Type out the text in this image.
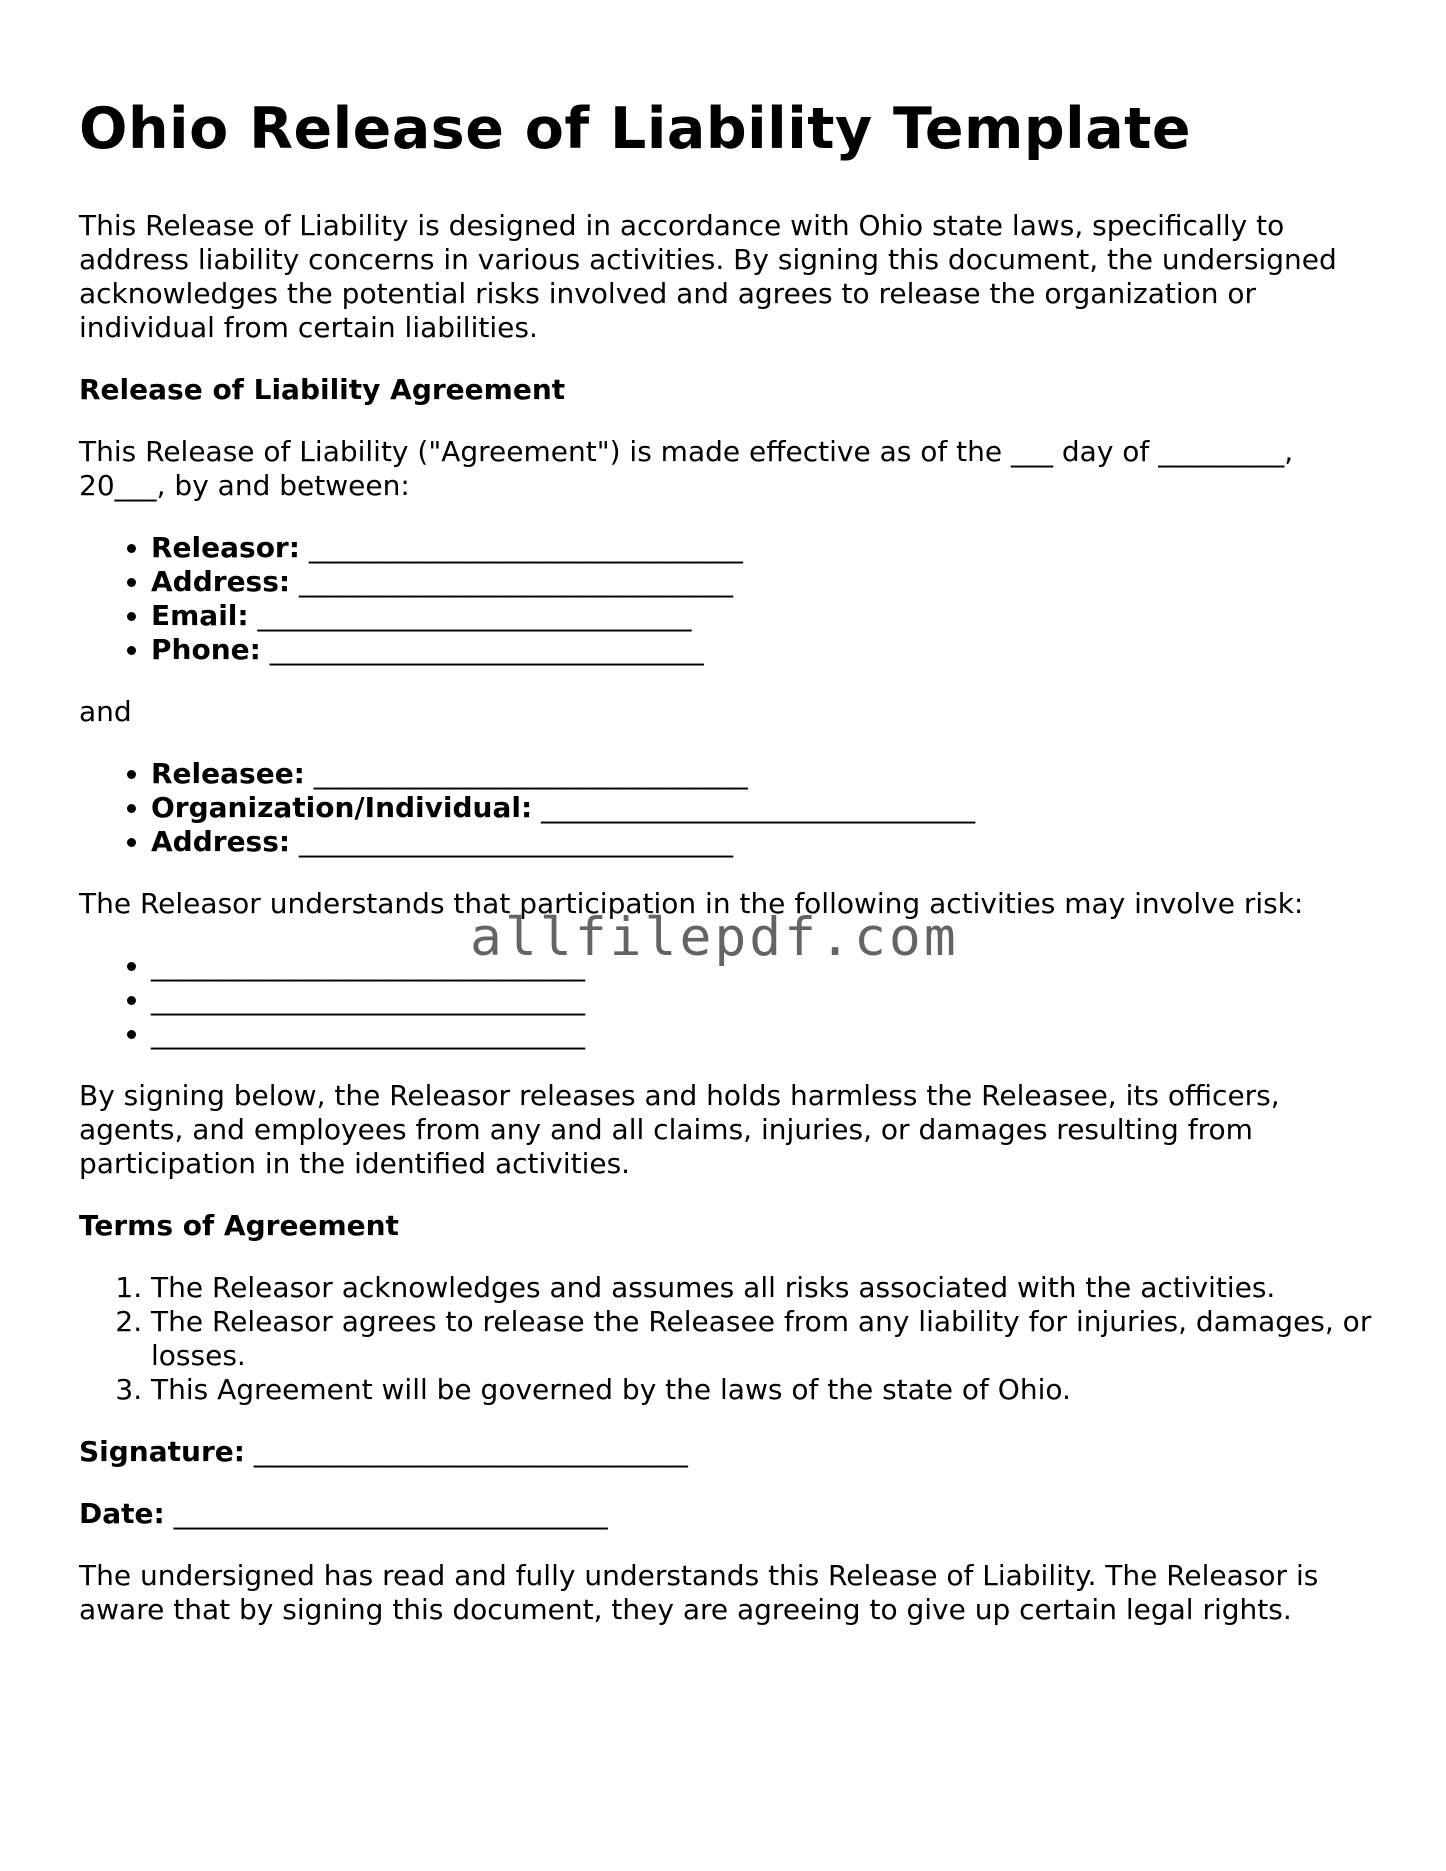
Ohio Release of Liability Template

This Release of Liability is designed in accordance with Ohio state laws, specifically to address liability concerns in various activities. By signing this document, the undersigned acknowledges the potential risks involved and agrees to release the organization or individual from certain liabilities.

Release of Liability Agreement

This Release of Liability ("Agreement") is made effective as of the ___ day of _________,
20___, by and between:

• Releasor: _______________________________
• Address: _______________________________
• Email: _______________________________
• Phone: _______________________________

and

• Releasee: _______________________________
• Organization/Individual: _______________________________
• Address: _______________________________

The Releasor understands that participation in the following activities may involve risk:

• _______________________________
• _______________________________
• _______________________________

By signing below, the Releasor releases and holds harmless the Releasee, its officers, agents, and employees from any and all claims, injuries, or damages resulting from participation in the identified activities.

Terms of Agreement

1. The Releasor acknowledges and assumes all risks associated with the activities.
2. The Releasor agrees to release the Releasee from any liability for injuries, damages, or losses.
3. This Agreement will be governed by the laws of the state of Ohio.

Signature: _______________________________

Date: _______________________________

The undersigned has read and fully understands this Release of Liability. The Releasor is aware that by signing this document, they are agreeing to give up certain legal rights.

allfilepdf.com
